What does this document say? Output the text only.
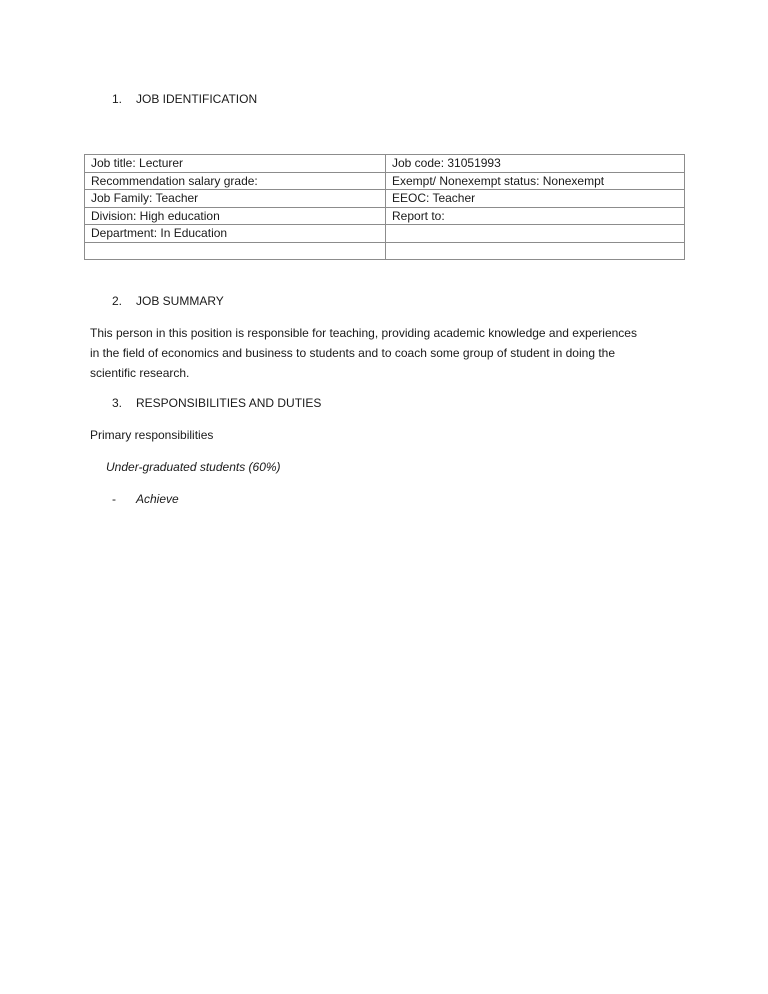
1. JOB IDENTIFICATION
Job title: Lecturer	Job code: 31051993
Recommendation salary grade:	Exempt/ Nonexempt status: Nonexempt
Job Family: Teacher	EEOC: Teacher
Division: High education	Report to:
Department: In Education	

2. JOB SUMMARY

This person in this position is responsible for teaching, providing academic knowledge and experiences

in the field of economics and business to students and to coach some group of student in doing the

scientific research.

3. RESPONSIBILITIES AND DUTIES
Primary responsibilities
Under-graduated students (60%)
- Achieve
